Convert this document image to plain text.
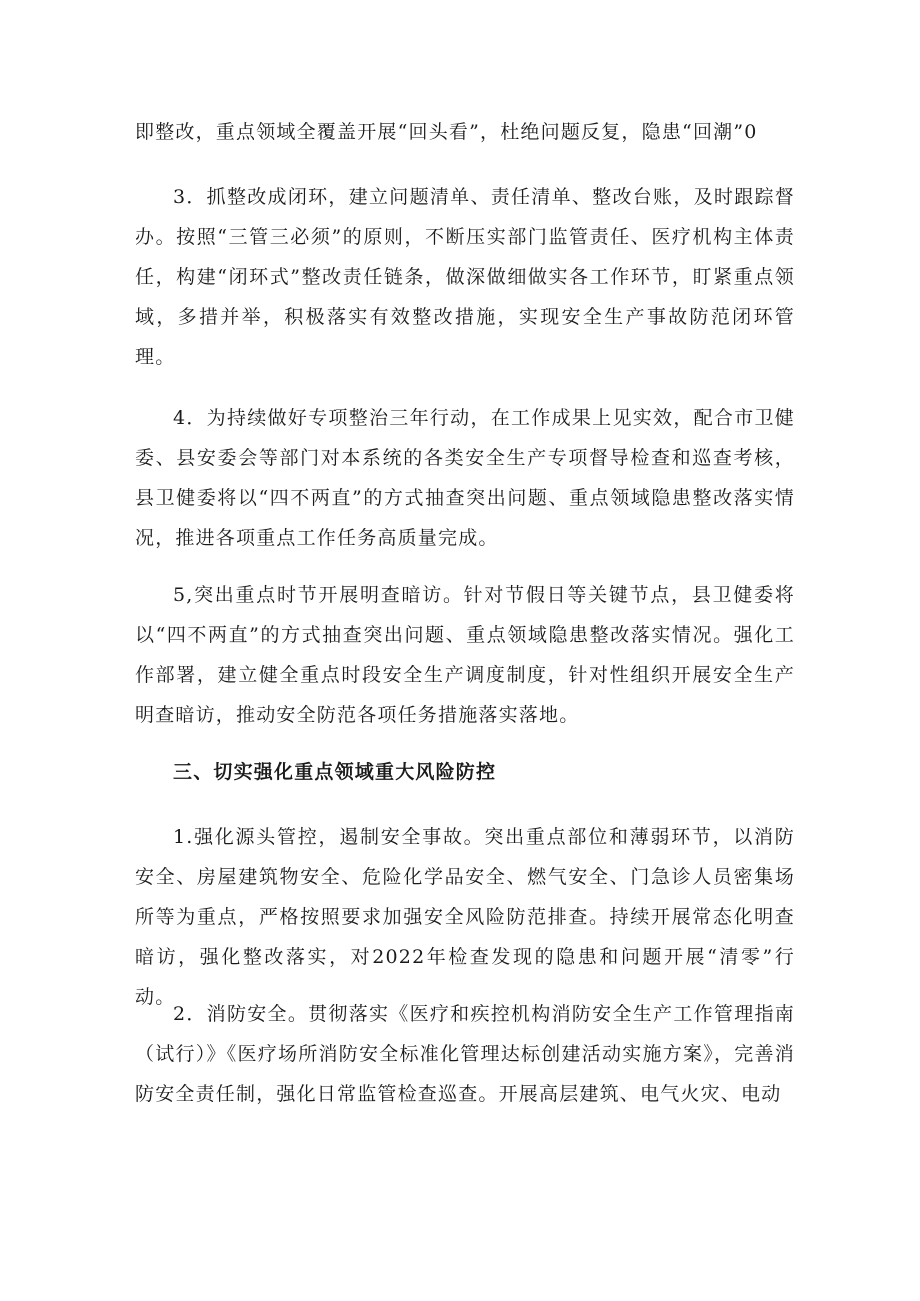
即整改，重点领域全覆盖开展“回头看”，杜绝问题反复，隐患“回潮”0

3．抓整改成闭环，建立问题清单、责任清单、整改台账，及时跟踪督办。按照“三管三必须”的原则，不断压实部门监管责任、医疗机构主体责任，构建“闭环式”整改责任链条，做深做细做实各工作环节，盯紧重点领域，多措并举，积极落实有效整改措施，实现安全生产事故防范闭环管理。

4．为持续做好专项整治三年行动，在工作成果上见实效，配合市卫健委、县安委会等部门对本系统的各类安全生产专项督导检查和巡查考核，县卫健委将以“四不两直”的方式抽查突出问题、重点领域隐患整改落实情况，推进各项重点工作任务高质量完成。

5,突出重点时节开展明查暗访。针对节假日等关键节点，县卫健委将以“四不两直”的方式抽查突出问题、重点领域隐患整改落实情况。强化工作部署，建立健全重点时段安全生产调度制度，针对性组织开展安全生产明查暗访，推动安全防范各项任务措施落实落地。

三、切实强化重点领域重大风险防控

1.强化源头管控，遏制安全事故。突出重点部位和薄弱环节，以消防安全、房屋建筑物安全、危险化学品安全、燃气安全、门急诊人员密集场所等为重点，严格按照要求加强安全风险防范排查。持续开展常态化明查暗访，强化整改落实，对2022年检查发现的隐患和问题开展“清零”行动。

2．消防安全。贯彻落实《医疗和疾控机构消防安全生产工作管理指南（试行）》《医疗场所消防安全标准化管理达标创建活动实施方案》，完善消防安全责任制，强化日常监管检查巡查。开展高层建筑、电气火灾、电动
